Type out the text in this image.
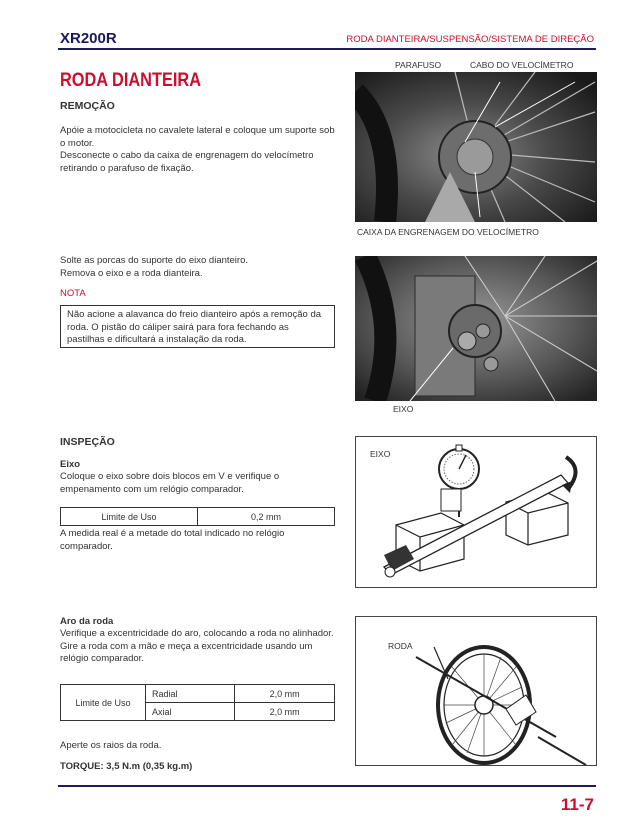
XR200R	RODA DIANTEIRA/SUSPENSÃO/SISTEMA DE DIREÇÃO
RODA DIANTEIRA
REMOÇÃO
Apóie a motocicleta no cavalete lateral e coloque um suporte sob o motor.
Desconecte o cabo da caixa de engrenagem do velocímetro retirando o parafuso de fixação.
Solte as porcas do suporte do eixo dianteiro.
Remova o eixo e a roda dianteira.
NOTA
Não acione a alavanca do freio dianteiro após a remoção da roda. O pistão do cáliper sairá para fora fechando as pastilhas e dificultará a instalação da roda.
PARAFUSO	CABO DO VELOCÍMETRO
CAIXA DA ENGRENAGEM DO VELOCÍMETRO
EIXO
INSPEÇÃO
Eixo
Coloque o eixo sobre dois blocos em V e verifique o empenamento com um relógio comparador.
Limite de Uso	0,2 mm
A medida real é a metade do total indicado no relógio comparador.
EIXO
Aro da roda
Verifique a excentricidade do aro, colocando a roda no alinhador.
Gire a roda com a mão e meça a excentricidade usando um relógio comparador.
Limite de Uso	Radial	2,0 mm
	Axial	2,0 mm
RODA
Aperte os raios da roda.
TORQUE: 3,5 N.m (0,35 kg.m)
11-7
